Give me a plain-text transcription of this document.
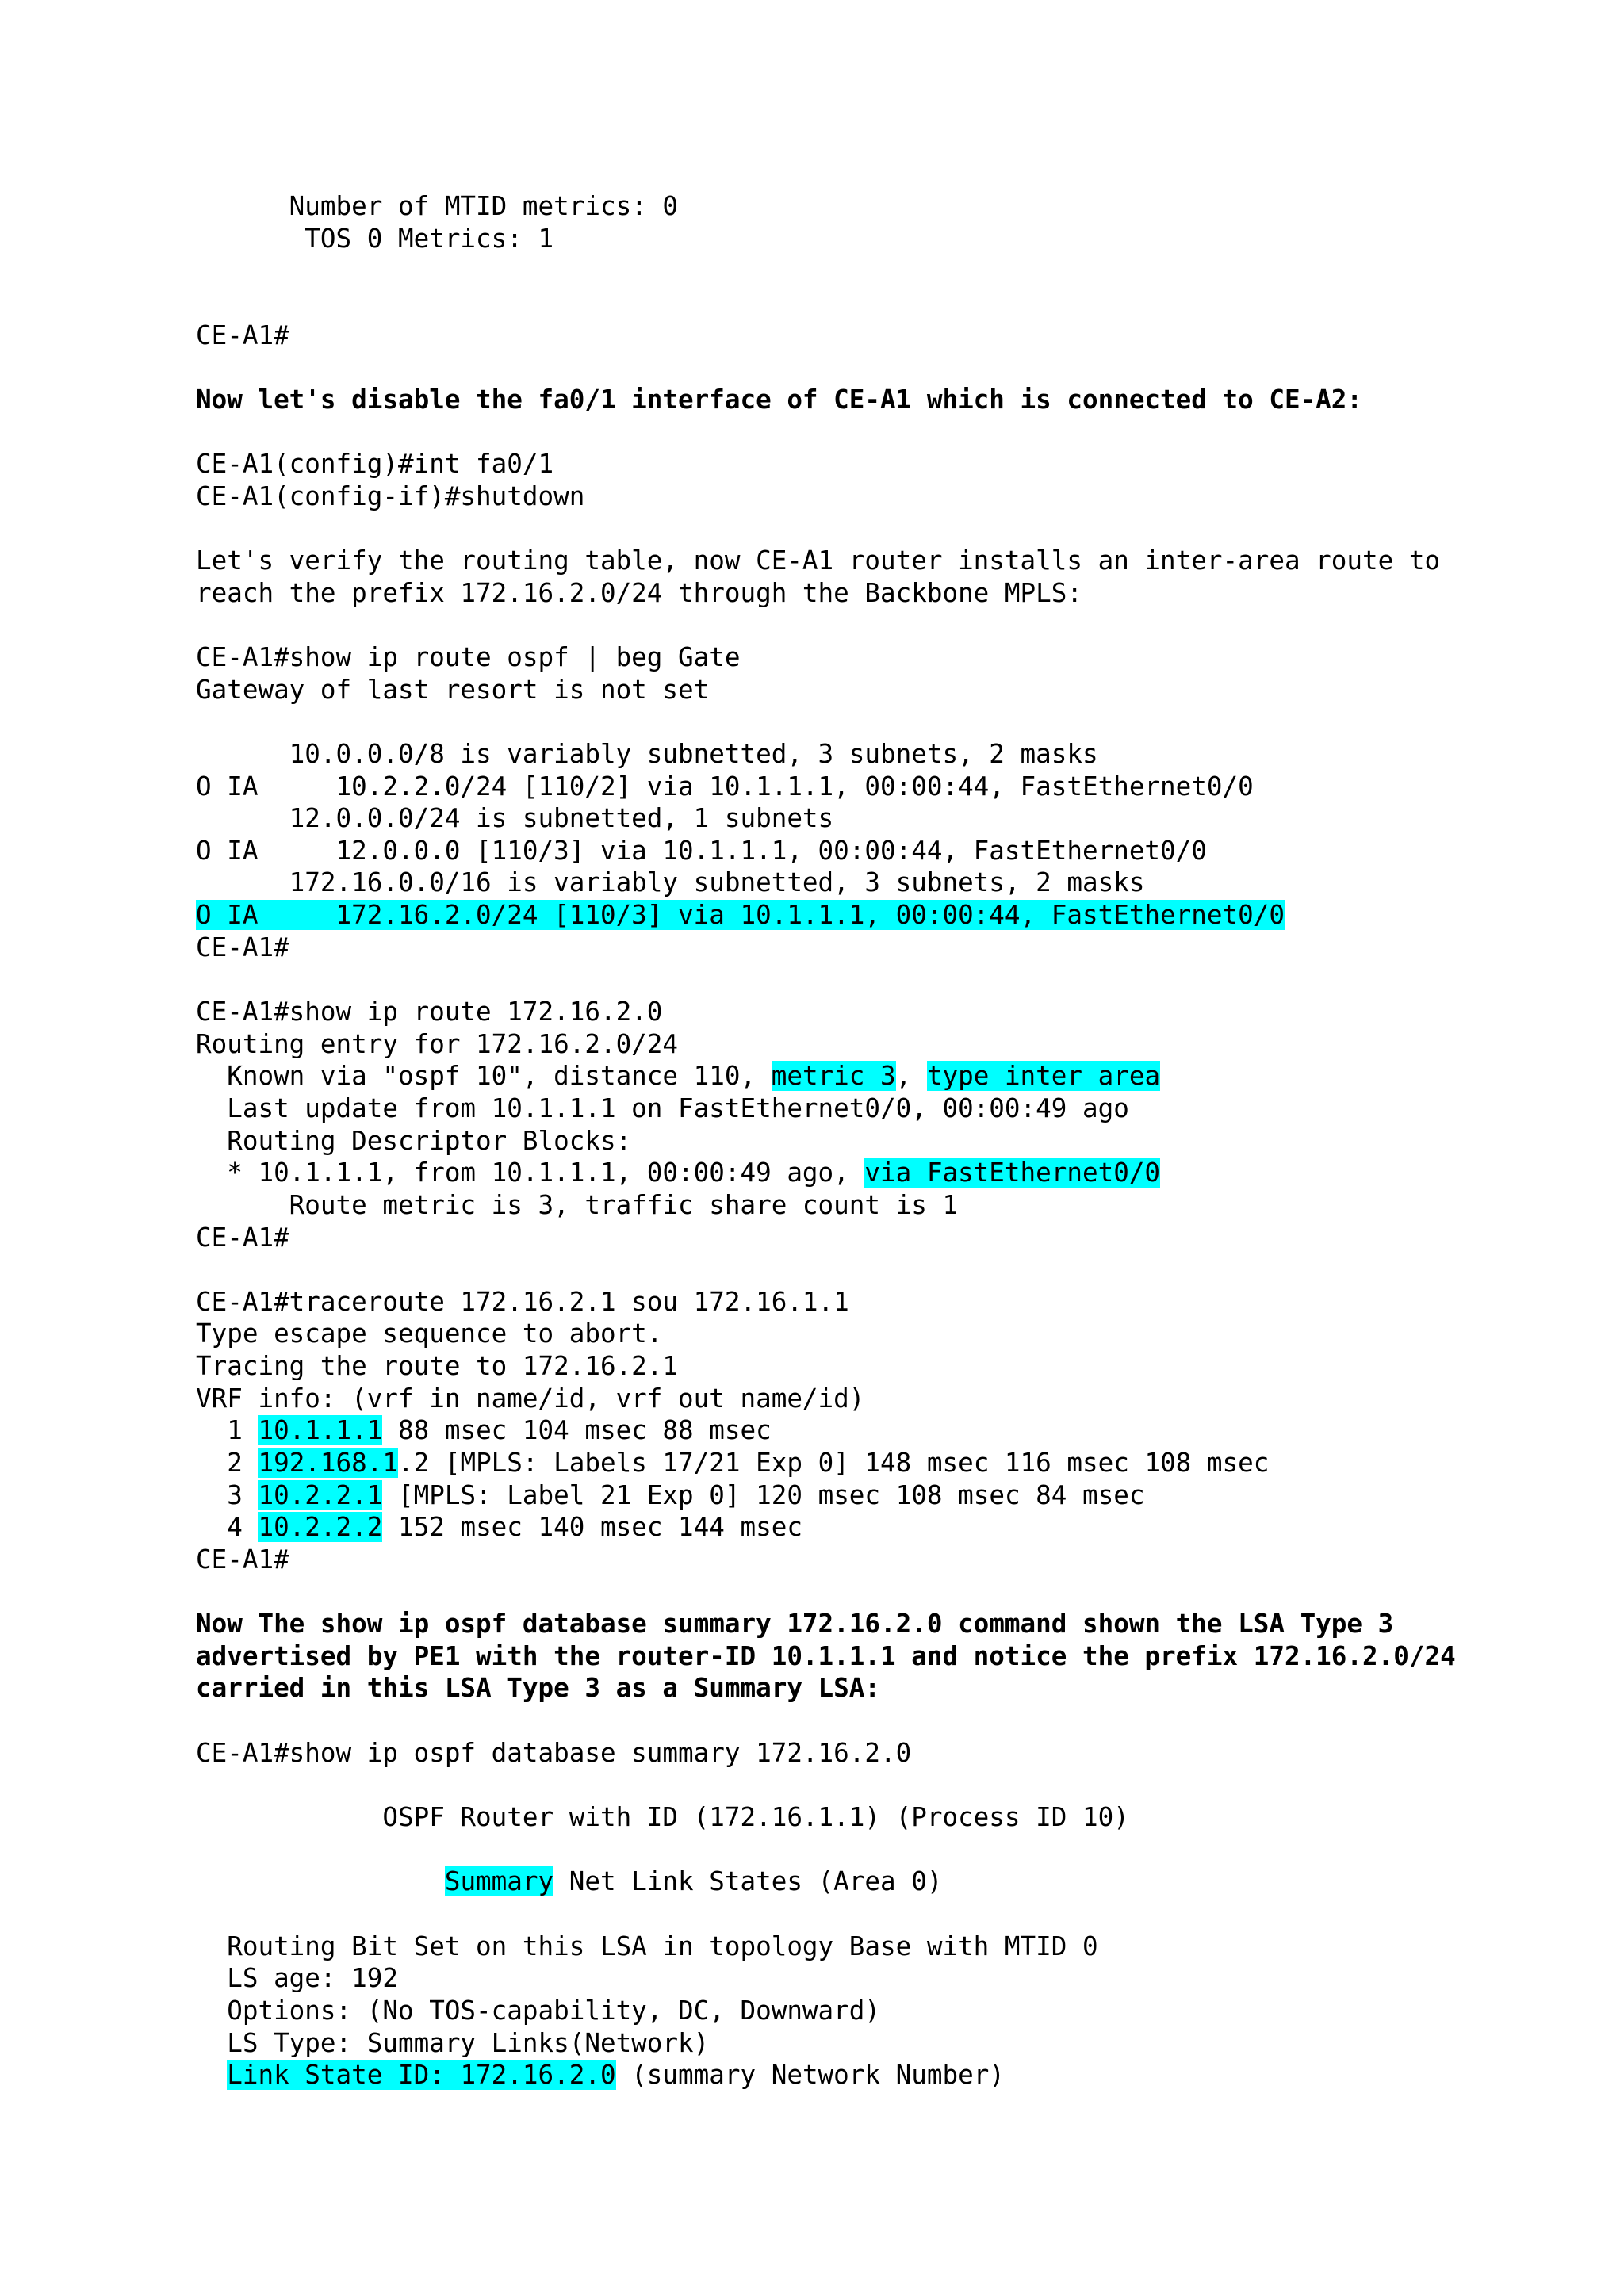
Number of MTID metrics: 0
TOS 0 Metrics: 1
CE-A1#
Now let's disable the fa0/1 interface of CE-A1 which is connected to CE-A2:
CE-A1(config)#int fa0/1
CE-A1(config-if)#shutdown
Let's verify the routing table, now CE-A1 router installs an inter-area route to
reach the prefix 172.16.2.0/24 through the Backbone MPLS:
CE-A1#show ip route ospf | beg Gate
Gateway of last resort is not set
10.0.0.0/8 is variably subnetted, 3 subnets, 2 masks
O IA     10.2.2.0/24 [110/2] via 10.1.1.1, 00:00:44, FastEthernet0/0
12.0.0.0/24 is subnetted, 1 subnets
O IA     12.0.0.0 [110/3] via 10.1.1.1, 00:00:44, FastEthernet0/0
172.16.0.0/16 is variably subnetted, 3 subnets, 2 masks
O IA     172.16.2.0/24 [110/3] via 10.1.1.1, 00:00:44, FastEthernet0/0
CE-A1#
CE-A1#show ip route 172.16.2.0
Routing entry for 172.16.2.0/24
Known via "ospf 10", distance 110, metric 3, type inter area
Last update from 10.1.1.1 on FastEthernet0/0, 00:00:49 ago
Routing Descriptor Blocks:
* 10.1.1.1, from 10.1.1.1, 00:00:49 ago, via FastEthernet0/0
Route metric is 3, traffic share count is 1
CE-A1#
CE-A1#traceroute 172.16.2.1 sou 172.16.1.1
Type escape sequence to abort.
Tracing the route to 172.16.2.1
VRF info: (vrf in name/id, vrf out name/id)
1 10.1.1.1 88 msec 104 msec 88 msec
2 192.168.1.2 [MPLS: Labels 17/21 Exp 0] 148 msec 116 msec 108 msec
3 10.2.2.1 [MPLS: Label 21 Exp 0] 120 msec 108 msec 84 msec
4 10.2.2.2 152 msec 140 msec 144 msec
CE-A1#
Now The show ip ospf database summary 172.16.2.0 command shown the LSA Type 3
advertised by PE1 with the router-ID 10.1.1.1 and notice the prefix 172.16.2.0/24
carried in this LSA Type 3 as a Summary LSA:
CE-A1#show ip ospf database summary 172.16.2.0
OSPF Router with ID (172.16.1.1) (Process ID 10)
Summary Net Link States (Area 0)
Routing Bit Set on this LSA in topology Base with MTID 0
LS age: 192
Options: (No TOS-capability, DC, Downward)
LS Type: Summary Links(Network)
Link State ID: 172.16.2.0 (summary Network Number)
